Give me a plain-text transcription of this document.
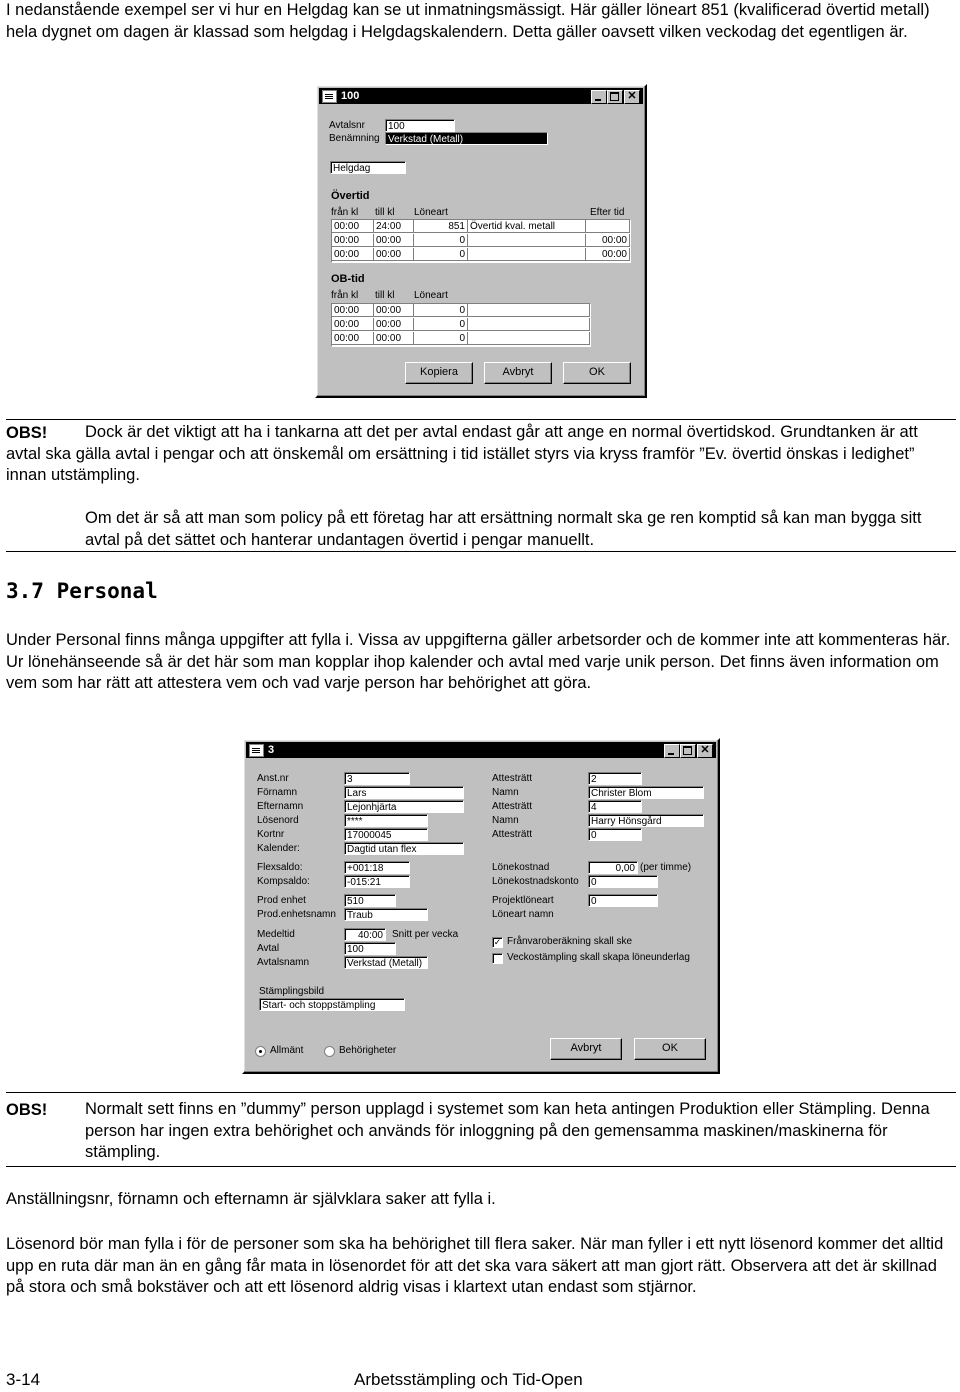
I nedanstående exempel ser vi hur en Helgdag kan se ut inmatningsmässigt. Här gäller löneart 851 (kvalificerad övertid metall) hela dygnet om dagen är klassad som helgdag i Helgdagskalendern. Detta gäller oavsett vilken veckodag det egentligen är.

100	✕
Avtalsnr	100
Benämning Verkstad (Metall)
Helgdag
Övertid
från kl till kl Löneart	Efter tid
00:00	24:00	851 Övertid kval. metall
00:00	00:00	0	00:00
00:00	00:00	0	00:00
OB-tid
från kl till kl Löneart
00:00	00:00	0
00:00	00:00	0
00:00	00:00	0
Kopiera	Avbryt	OK
OBS!	Dock är det viktigt att ha i tankarna att det per avtal endast går att ange en normal övertidskod. Grundtanken är att avtal ska gälla avtal i pengar och att önskemål om ersättning i tid istället styrs via kryss framför ”Ev. övertid önskas i ledighet” innan utstämpling.
Om det är så att man som policy på ett företag har att ersättning normalt ska ge ren komptid så kan man bygga sitt avtal på det sättet och hanterar undantagen övertid i pengar manuellt.
3.7 Personal

Under Personal finns många uppgifter att fylla i. Vissa av uppgifterna gäller arbetsorder och de kommer inte att kommenteras här. Ur lönehänseende så är det här som man kopplar ihop kalender och avtal med varje unik person. Det finns även information om vem som har rätt att attestera vem och vad varje person har behörighet att göra.

3	✕
Anst.nr	3
Förnamn	Lars
Efternamn	Lejonhjärta
Lösenord	****
Kortnr	17000045
Kalender:	Dagtid utan flex
Flexsaldo:	+001:18
Kompsaldo:	-015:21
Prod enhet	510
Prod.enhetsnamn	Traub
Medeltid	40:00 Snitt per vecka
Avtal	100
Avtalsnamn	Verkstad (Metall)
Attesträtt	2
Namn	Christer Blom
Attesträtt	4
Namn	Harry Hönsgård
Attesträtt	0
Lönekostnad	0,00 (per timme)
Lönekostnadskonto	0
Projektlöneart	0
Löneart namn
✓ Frånvaroberäkning skall ske
Veckostämpling skall skapa löneunderlag
Stämplingsbild
Start- och stoppstämpling
Allmänt	Behörigheter	Avbryt	OK
OBS! Normalt sett finns en ”dummy” person upplagd i systemet som kan heta antingen Produktion eller Stämpling. Denna person har ingen extra behörighet och används för inloggning på den gemensamma maskinen/maskinerna för stämpling.

Anställningsnr, förnamn och efternamn är självklara saker att fylla i.

Lösenord bör man fylla i för de personer som ska ha behörighet till flera saker. När man fyller i ett nytt lösenord kommer det alltid upp en ruta där man än en gång får mata in lösenordet för att det ska vara säkert att man gjort rätt. Observera att det är skillnad på stora och små bokstäver och att ett lösenord aldrig visas i klartext utan endast som stjärnor.

3-14	Arbetsstämpling och Tid-Open
